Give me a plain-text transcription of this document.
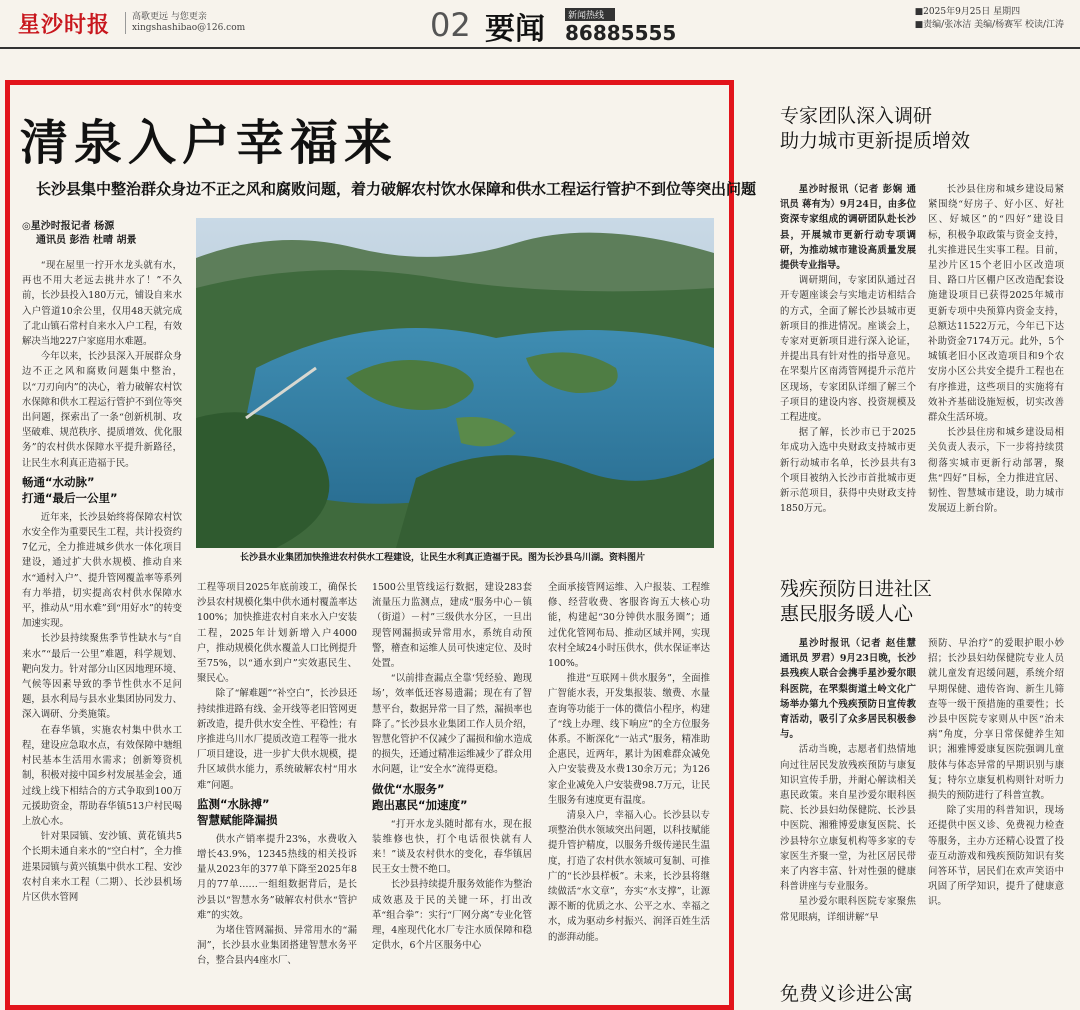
星沙时报 高歌更远 与您更亲
xingshashibao@126.com	02 要闻	新闻热线
86885555
■2025年9月25日 星期四
■责编/张冰洁 美编/杨赛军 校读/江涛
清泉入户幸福来
长沙县集中整治群众身边不正之风和腐败问题，着力破解农村饮水保障和供水工程运行管护不到位等突出问题
◎星沙时报记者 杨源
通讯员 彭浩 杜晴 胡景
长沙县水业集团加快推进农村供水工程建设，让民生水利真正造福于民。图为长沙县乌川湖。资料图片

“现在屋里一拧开水龙头就有水，再也不用大老远去挑井水了！”不久前，长沙县投入180万元，铺设自来水入户管道10余公里，仅用48天就完成了北山镇石常村自来水入户工程，有效解决当地227户家庭用水难题。

今年以来，长沙县深入开展群众身边不正之风和腐败问题集中整治，以“刀刃向内”的决心，着力破解农村饮水保障和供水工程运行管护不到位等突出问题，探索出了一条“创新机制、攻坚破难、规范秩序、提质增效、优化服务”的农村供水保障水平提升新路径，让民生水利真正造福于民。

畅通“水动脉”
打通“最后一公里”

近年来，长沙县始终将保障农村饮水安全作为重要民生工程，共计投资约7亿元，全力推进城乡供水一体化项目建设，通过扩大供水规模、推动自来水“通村入户”、提升管网覆盖率等系列有力举措，切实提高农村供水保障水平，推动从“用水难”到“用好水”的转变加速实现。

长沙县持续聚焦季节性缺水与“自来水”“最后一公里”难题，科学规划、靶向发力。针对部分山区因地理环境、气候等因素导致的季节性供水不足问题，县水利局与县水业集团协同发力、深入调研、分类施策。

在春华镇，实施农村集中供水工程，建设应急取水点，有效保障中塘组村民基本生活用水需求；创新筹资机制，积极对接中国乡村发展基金会，通过线上线下相结合的方式争取到100万元援助资金，帮助春华镇513户村民喝上放心水。

针对果园镇、安沙镇、黄花镇共5个长期未通自来水的“空白村”，全力推进果园镇与黄兴镇集中供水工程、安沙农村自来水工程（二期）、长沙县机场片区供水管网

工程等项目2025年底前竣工，确保长沙县农村规模化集中供水通村覆盖率达100%；加快推进农村自来水入户安装工程，2025年计划新增入户4000户，推动规模化供水覆盖人口比例提升至75%，以“通水到户”实效惠民生、聚民心。

除了“解难题”“补空白”，长沙县还持续推进路有线、金开线等老旧管网更新改造，提升供水安全性、平稳性；有序推进乌川水厂提质改造工程等一批水厂项目建设，进一步扩大供水规模，提升区域供水能力，系统破解农村“用水难”问题。

监测“水脉搏”
智慧赋能降漏损

供水产销率提升23%，水费收入增长43.9%，12345热线的相关投诉量从2023年的377单下降至2025年8月的77单……一组组数据背后，是长沙县以“智慧水务”破解农村供水“管护难”的实效。

为堵住管网漏损、异常用水的“漏洞”，长沙县水业集团搭建智慧水务平台，整合县内4座水厂、

1500公里管线运行数据，建设283套流量压力监测点，建成“服务中心－镇（街道）－村”三级供水分区，一旦出现管网漏损或异常用水，系统自动预警，稽查和运维人员可快速定位、及时处置。

“以前排查漏点全靠‘凭经验、跑现场’，效率低还容易遗漏；现在有了智慧平台，数据异常一目了然，漏损率也降了。”长沙县水业集团工作人员介绍，智慧化管护不仅减少了漏损和偷水造成的损失，还通过精准运维减少了群众用水问题，让“安全水”流得更稳。

做优“水服务”
跑出惠民“加速度”

“打开水龙头随时都有水，现在报装维修也快，打个电话很快就有人来！”谈及农村供水的变化，春华镇居民王女士赞不绝口。

长沙县持续提升服务效能作为整治成效惠及于民的关键一环，打出改革“组合拳”：实行“厂网分离”专业化管理，4座现代化水厂专注水质保障和稳定供水，6个片区服务中心

全面承接管网运维、入户报装、工程维修、经营收费、客服咨询五大核心功能，构建起“30分钟供水服务圈”；通过优化管网布局、推动区域并网，实现农村全域24小时压供水，供水保证率达100%。

推进“互联网＋供水服务”，全面推广智能水表，开发集报装、缴费、水量查询等功能于一体的微信小程序，构建了“线上办理、线下响应”的全方位服务体系。不断深化“一站式”服务，精准助企惠民，近两年，累计为困难群众减免入户安装费及水费130余万元；为126家企业减免入户安装费98.7万元，让民生服务有速度更有温度。

清泉入户，幸福入心。长沙县以专项整治供水领域突出问题，以科技赋能提升管护精度，以服务升级传递民生温度，打造了农村供水领域可复制、可推广的“长沙县样板”。未来，长沙县将继续做活“水文章”，夯实“水支撑”，让源源不断的优质之水、公平之水、幸福之水，成为驱动乡村振兴、润泽百姓生活的澎湃动能。

专家团队深入调研
助力城市更新提质增效

星沙时报讯（记者 彭娴 通讯员 蒋有为）9月24日，由多位资深专家组成的调研团队赴长沙县，开展城市更新行动专项调研，为推动城市建设高质量发展提供专业指导。

调研期间，专家团队通过召开专题座谈会与实地走访相结合的方式，全面了解长沙县城市更新项目的推进情况。座谈会上，专家对更新项目进行深入论证，并提出具有针对性的指导意见。在罘梨片区南湾管网提升示范片区现场，专家团队详细了解三个子项目的建设内容、投资规模及工程进度。

据了解，长沙市已于2025年成功入选中央财政支持城市更新行动城市名单，长沙县共有3个项目被纳入长沙市首批城市更新示范项目，获得中央财政支持1850万元。

长沙县住房和城乡建设局紧紧围绕“好房子、好小区、好社区、好城区”的“四好”建设目标，积极争取政策与资金支持，扎实推进民生实事工程。目前，星沙片区15个老旧小区改造项目、路口片区棚户区改造配套设施建设项目已获得2025年城市更新专项中央预算内资金支持，总额达11522万元，今年已下达补助资金7174万元。此外，5个城镇老旧小区改造项目和9个农安房小区公共安全提升工程也在有序推进，这些项目的实施将有效补齐基础设施短板，切实改善群众生活环境。

长沙县住房和城乡建设局相关负责人表示，下一步将持续贯彻落实城市更新行动部署，聚焦“四好”目标，全力推进宜居、韧性、智慧城市建设，助力城市发展迈上新台阶。

残疾预防日进社区
惠民服务暖人心

星沙时报讯（记者 赵佳慧 通讯员 罗君）9月23日晚，长沙县残疾人联合会携手星沙爱尔眼科医院，在罘梨街道土岭文化广场举办第九个残疾预防日宣传教育活动，吸引了众多居民积极参与。

活动当晚，志愿者们热情地向过往居民发放残疾预防与康复知识宣传手册，并耐心解读相关惠民政策。来自星沙爱尔眼科医院、长沙县妇幼保健院、长沙县中医院、湘雅博爱康复医院、长沙县特尔立康复机构等多家的专家医生齐聚一堂，为社区居民带来了内容丰富、针对性强的健康科普讲座与专业服务。

星沙爱尔眼科医院专家聚焦常见眼病，详细讲解“早

预防、早治疗”的爱眼护眼小妙招；长沙县妇幼保健院专业人员就儿童发育迟缓问题，系统介绍早期保健、遗传咨询、新生儿筛查等一级干预措施的重要性；长沙县中医院专家则从中医“治未病”角度，分享日常保健养生知识；湘雅博爱康复医院强调儿童肢体与体态异常的早期识别与康复；特尔立康复机构则针对听力损失的预防进行了科普宣教。

除了实用的科普知识，现场还提供中医义诊、免费视力检查等服务，主办方还精心设置了投壶互动游戏和残疾预防知识有奖问答环节，居民们在欢声笑语中巩固了所学知识，提升了健康意识。

免费义诊进公寓
